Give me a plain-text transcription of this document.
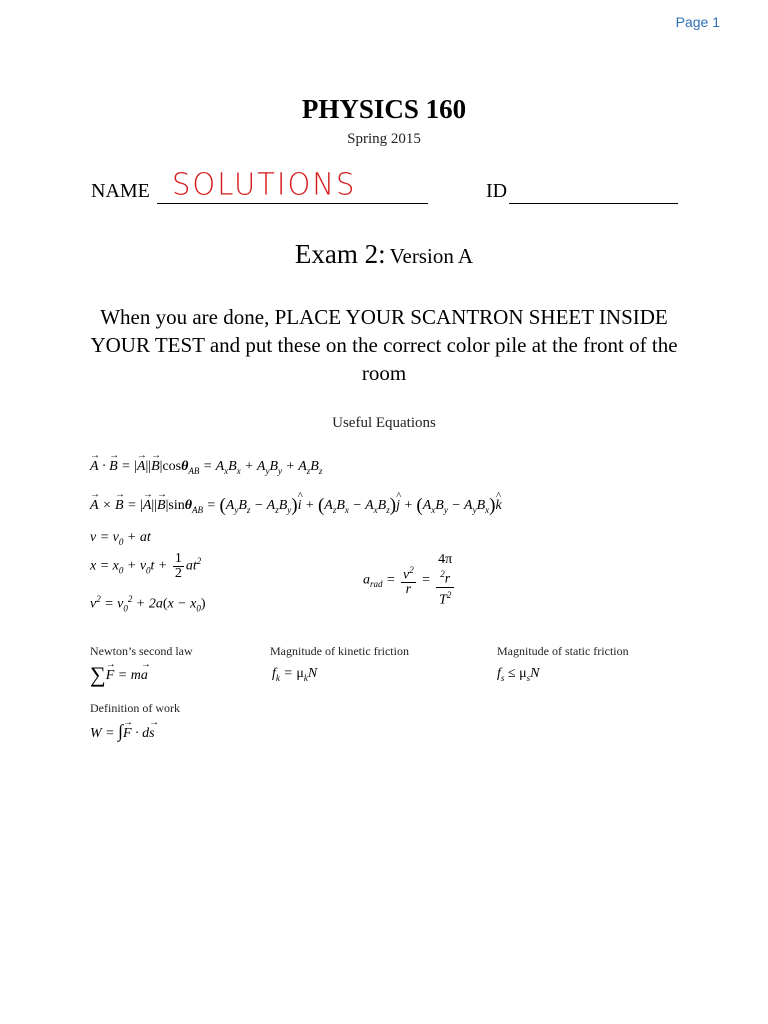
Page 1
PHYSICS 160
Spring 2015
NAME SOLUTIONS	ID
Exam 2: Version A
When you are done, PLACE YOUR SCANTRON SHEET INSIDE YOUR TEST and put these on the correct color pile at the front of the room
Useful Equations
→ A · → B = |→ $A||\to B|\cos\theta_{AB} = A_xB_x + A_yB_y + A_zB_z$
→ A × → B = |→ $A||\to B|\sin\theta_{AB} = (A_yB_z$ − $A_zB_y)\^{}$ $i + (A_zB_x$ − $A_xB_z)\^{}$ $j + (A_xB_y$ − $A_yB_x)\^{}$ k
$v = v_0$ + at
$x = x_0 + v_0t + \frac{1}{2} at^2$
$a_{rad} = \frac{v^2}{r} = 4\pi$
$^2$r
$T^2$
$v^2 = v_0^2 + 2a(x - x_0)$
Newton’s second law	Magnitude of kinetic friction	Magnitude of static friction
∑→ F = m→ a	$f_k = \mu_kN$	$f_s \le \mu_sN$
Definition of work
W = ∫→ F · d→ s
